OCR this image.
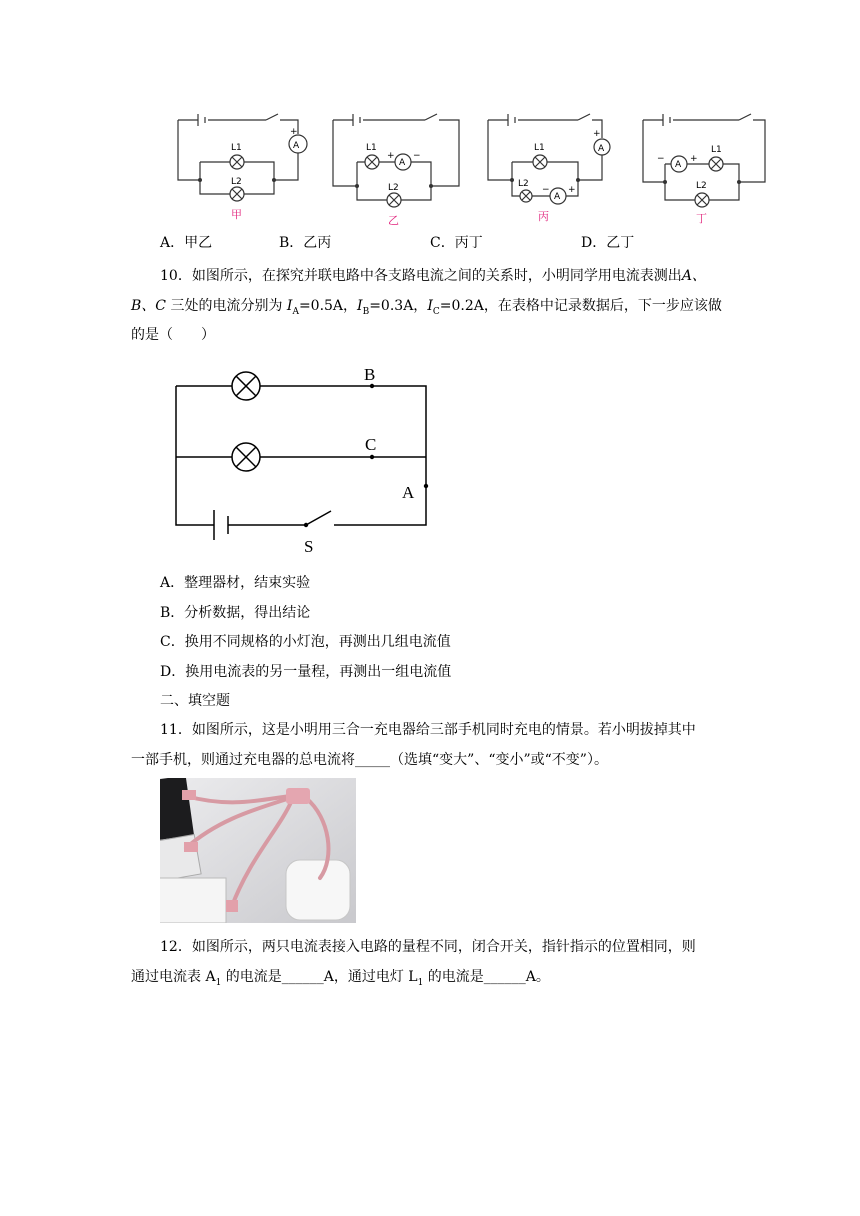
A
+
L1
L2
甲
A
+ −
L1
L2
乙
A
A
+
+
−
L1
L2
丙
A
−	+
L1
L2
丁
A．甲乙	B．乙丙	C．丙丁	D．乙丁
10．如图所示，在探究并联电路中各支路电流之间的关系时，小明同学用电流表测出A、
B、C 三处的电流分别为 $I_A=0.5A$，$I_B=0.3A$，$I_C=0.2A$，在表格中记录数据后，下一步应该做
的是（　　）
B
C
A
S
A．整理器材，结束实验
B．分析数据，得出结论
C．换用不同规格的小灯泡，再测出几组电流值
D．换用电流表的另一量程，再测出一组电流值
二、填空题
11．如图所示，这是小明用三合一充电器给三部手机同时充电的情景。若小明拔掉其中
一部手机，则通过充电器的总电流将_____（选填“变大”、“变小”或“不变”）。
12．如图所示，两只电流表接入电路的量程不同，闭合开关，指针指示的位置相同，则
通过电流表 $A_1$ 的电流是______A，通过电灯 $L_1$ 的电流是______A。
